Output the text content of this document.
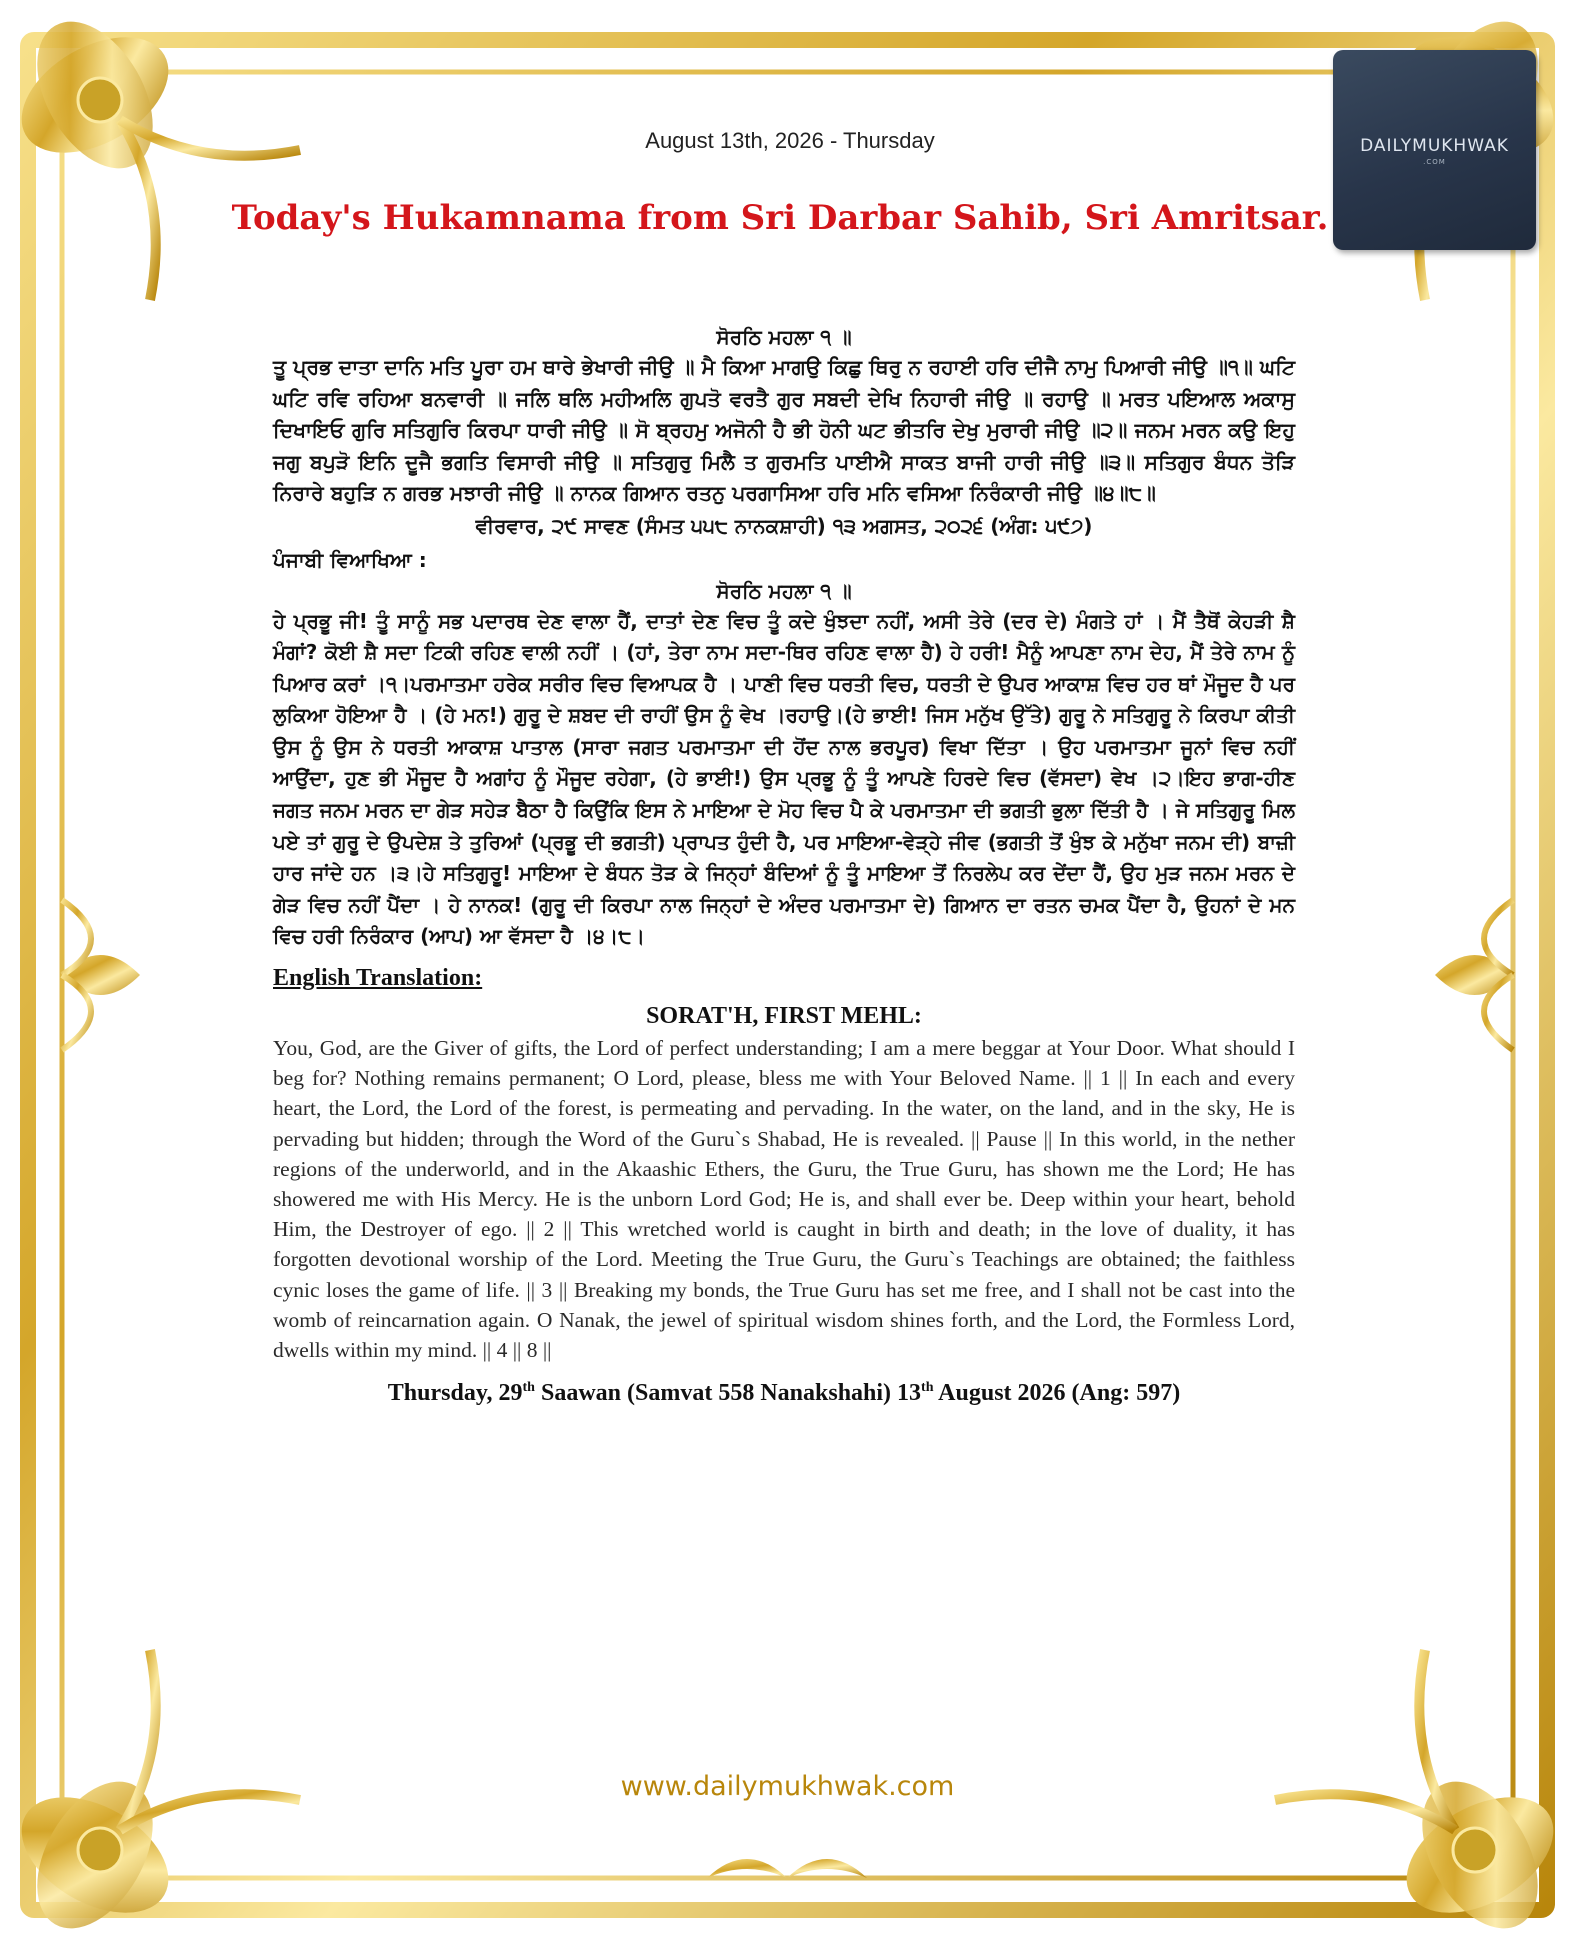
DAILYMUKHWAK
.COM
August 13th, 2026 - Thursday
Today's Hukamnama from Sri Darbar Sahib, Sri Amritsar.
ਸੋਰਠਿ ਮਹਲਾ ੧ ॥
ਤੂ ਪ੍ਰਭ ਦਾਤਾ ਦਾਨਿ ਮਤਿ ਪੂਰਾ ਹਮ ਥਾਰੇ ਭੇਖਾਰੀ ਜੀਉ ॥ ਮੈ ਕਿਆ ਮਾਗਉ ਕਿਛੁ ਥਿਰੁ ਨ ਰਹਾਈ ਹਰਿ ਦੀਜੈ ਨਾਮੁ ਪਿਆਰੀ ਜੀਉ ॥੧॥ ਘਟਿ ਘਟਿ ਰਵਿ ਰਹਿਆ ਬਨਵਾਰੀ ॥ ਜਲਿ ਥਲਿ ਮਹੀਅਲਿ ਗੁਪਤੋ ਵਰਤੈ ਗੁਰ ਸਬਦੀ ਦੇਖਿ ਨਿਹਾਰੀ ਜੀਉ ॥ ਰਹਾਉ ॥ ਮਰਤ ਪਇਆਲ ਅਕਾਸੁ ਦਿਖਾਇਓ ਗੁਰਿ ਸਤਿਗੁਰਿ ਕਿਰਪਾ ਧਾਰੀ ਜੀਉ ॥ ਸੋ ਬ੍ਰਹਮੁ ਅਜੋਨੀ ਹੈ ਭੀ ਹੋਨੀ ਘਟ ਭੀਤਰਿ ਦੇਖੁ ਮੁਰਾਰੀ ਜੀਉ ॥੨॥ ਜਨਮ ਮਰਨ ਕਉ ਇਹੁ ਜਗੁ ਬਪੁੜੋ ਇਨਿ ਦੂਜੈ ਭਗਤਿ ਵਿਸਾਰੀ ਜੀਉ ॥ ਸਤਿਗੁਰੁ ਮਿਲੈ ਤ ਗੁਰਮਤਿ ਪਾਈਐ ਸਾਕਤ ਬਾਜੀ ਹਾਰੀ ਜੀਉ ॥੩॥ ਸਤਿਗੁਰ ਬੰਧਨ ਤੋੜਿ ਨਿਰਾਰੇ ਬਹੁੜਿ ਨ ਗਰਭ ਮਝਾਰੀ ਜੀਉ ॥ ਨਾਨਕ ਗਿਆਨ ਰਤਨੁ ਪਰਗਾਸਿਆ ਹਰਿ ਮਨਿ ਵਸਿਆ ਨਿਰੰਕਾਰੀ ਜੀਉ ॥੪॥੮॥
ਵੀਰਵਾਰ, ੨੯ ਸਾਵਣ (ਸੰਮਤ ੫੫੮ ਨਾਨਕਸ਼ਾਹੀ) ੧੩ ਅਗਸਤ, ੨੦੨੬ (ਅੰਗ: ੫੯੭)
ਪੰਜਾਬੀ ਵਿਆਖਿਆ :
ਸੋਰਠਿ ਮਹਲਾ ੧ ॥
ਹੇ ਪ੍ਰਭੂ ਜੀ! ਤੂੰ ਸਾਨੂੰ ਸਭ ਪਦਾਰਥ ਦੇਣ ਵਾਲਾ ਹੈਂ, ਦਾਤਾਂ ਦੇਣ ਵਿਚ ਤੂੰ ਕਦੇ ਖੁੰਝਦਾ ਨਹੀਂ, ਅਸੀ ਤੇਰੇ (ਦਰ ਦੇ) ਮੰਗਤੇ ਹਾਂ । ਮੈਂ ਤੈਥੋਂ ਕੇਹੜੀ ਸ਼ੈ ਮੰਗਾਂ? ਕੋਈ ਸ਼ੈ ਸਦਾ ਟਿਕੀ ਰਹਿਣ ਵਾਲੀ ਨਹੀਂ । (ਹਾਂ, ਤੇਰਾ ਨਾਮ ਸਦਾ-ਥਿਰ ਰਹਿਣ ਵਾਲਾ ਹੈ) ਹੇ ਹਰੀ! ਮੈਨੂੰ ਆਪਣਾ ਨਾਮ ਦੇਹ, ਮੈਂ ਤੇਰੇ ਨਾਮ ਨੂੰ ਪਿਆਰ ਕਰਾਂ ।੧।ਪਰਮਾਤਮਾ ਹਰੇਕ ਸਰੀਰ ਵਿਚ ਵਿਆਪਕ ਹੈ । ਪਾਣੀ ਵਿਚ ਧਰਤੀ ਵਿਚ, ਧਰਤੀ ਦੇ ਉਪਰ ਆਕਾਸ਼ ਵਿਚ ਹਰ ਥਾਂ ਮੌਜੂਦ ਹੈ ਪਰ ਲੁਕਿਆ ਹੋਇਆ ਹੈ । (ਹੇ ਮਨ!) ਗੁਰੂ ਦੇ ਸ਼ਬਦ ਦੀ ਰਾਹੀਂ ਉਸ ਨੂੰ ਵੇਖ ।ਰਹਾਉ।(ਹੇ ਭਾਈ! ਜਿਸ ਮਨੁੱਖ ਉੱਤੇ) ਗੁਰੂ ਨੇ ਸਤਿਗੁਰੂ ਨੇ ਕਿਰਪਾ ਕੀਤੀ ਉਸ ਨੂੰ ਉਸ ਨੇ ਧਰਤੀ ਆਕਾਸ਼ ਪਾਤਾਲ (ਸਾਰਾ ਜਗਤ ਪਰਮਾਤਮਾ ਦੀ ਹੋਂਦ ਨਾਲ ਭਰਪੂਰ) ਵਿਖਾ ਦਿੱਤਾ । ਉਹ ਪਰਮਾਤਮਾ ਜੂਨਾਂ ਵਿਚ ਨਹੀਂ ਆਉਂਦਾ, ਹੁਣ ਭੀ ਮੌਜੂਦ ਹੈ ਅਗਾਂਹ ਨੂੰ ਮੌਜੂਦ ਰਹੇਗਾ, (ਹੇ ਭਾਈ!) ਉਸ ਪ੍ਰਭੂ ਨੂੰ ਤੂੰ ਆਪਣੇ ਹਿਰਦੇ ਵਿਚ (ਵੱਸਦਾ) ਵੇਖ ।੨।ਇਹ ਭਾਗ-ਹੀਣ ਜਗਤ ਜਨਮ ਮਰਨ ਦਾ ਗੇੜ ਸਹੇੜ ਬੈਠਾ ਹੈ ਕਿਉਂਕਿ ਇਸ ਨੇ ਮਾਇਆ ਦੇ ਮੋਹ ਵਿਚ ਪੈ ਕੇ ਪਰਮਾਤਮਾ ਦੀ ਭਗਤੀ ਭੁਲਾ ਦਿੱਤੀ ਹੈ । ਜੇ ਸਤਿਗੁਰੂ ਮਿਲ ਪਏ ਤਾਂ ਗੁਰੂ ਦੇ ਉਪਦੇਸ਼ ਤੇ ਤੁਰਿਆਂ (ਪ੍ਰਭੂ ਦੀ ਭਗਤੀ) ਪ੍ਰਾਪਤ ਹੁੰਦੀ ਹੈ, ਪਰ ਮਾਇਆ-ਵੇੜ੍ਹੇ ਜੀਵ (ਭਗਤੀ ਤੋਂ ਖੁੰਝ ਕੇ ਮਨੁੱਖਾ ਜਨਮ ਦੀ) ਬਾਜ਼ੀ ਹਾਰ ਜਾਂਦੇ ਹਨ ।੩।ਹੇ ਸਤਿਗੁਰੂ! ਮਾਇਆ ਦੇ ਬੰਧਨ ਤੋੜ ਕੇ ਜਿਨ੍ਹਾਂ ਬੰਦਿਆਂ ਨੂੰ ਤੂੰ ਮਾਇਆ ਤੋਂ ਨਿਰਲੇਪ ਕਰ ਦੇਂਦਾ ਹੈਂ, ਉਹ ਮੁੜ ਜਨਮ ਮਰਨ ਦੇ ਗੇੜ ਵਿਚ ਨਹੀਂ ਪੈਂਦਾ । ਹੇ ਨਾਨਕ! (ਗੁਰੂ ਦੀ ਕਿਰਪਾ ਨਾਲ ਜਿਨ੍ਹਾਂ ਦੇ ਅੰਦਰ ਪਰਮਾਤਮਾ ਦੇ) ਗਿਆਨ ਦਾ ਰਤਨ ਚਮਕ ਪੈਂਦਾ ਹੈ, ਉਹਨਾਂ ਦੇ ਮਨ ਵਿਚ ਹਰੀ ਨਿਰੰਕਾਰ (ਆਪ) ਆ ਵੱਸਦਾ ਹੈ ।੪।੮।
English Translation:
SORAT'H, FIRST MEHL:
You, God, are the Giver of gifts, the Lord of perfect understanding; I am a mere beggar at Your Door. What should I beg for? Nothing remains permanent; O Lord, please, bless me with Your Beloved Name. || 1 || In each and every heart, the Lord, the Lord of the forest, is permeating and pervading. In the water, on the land, and in the sky, He is pervading but hidden; through the Word of the Guru`s Shabad, He is revealed. || Pause || In this world, in the nether regions of the underworld, and in the Akaashic Ethers, the Guru, the True Guru, has shown me the Lord; He has showered me with His Mercy. He is the unborn Lord God; He is, and shall ever be. Deep within your heart, behold Him, the Destroyer of ego. || 2 || This wretched world is caught in birth and death; in the love of duality, it has forgotten devotional worship of the Lord. Meeting the True Guru, the Guru`s Teachings are obtained; the faithless cynic loses the game of life. || 3 || Breaking my bonds, the True Guru has set me free, and I shall not be cast into the womb of reincarnation again. O Nanak, the jewel of spiritual wisdom shines forth, and the Lord, the Formless Lord, dwells within my mind. || 4 || 8 ||
Thursday, 29th Saawan (Samvat 558 Nanakshahi) 13th August 2026 (Ang: 597)
www.dailymukhwak.com
